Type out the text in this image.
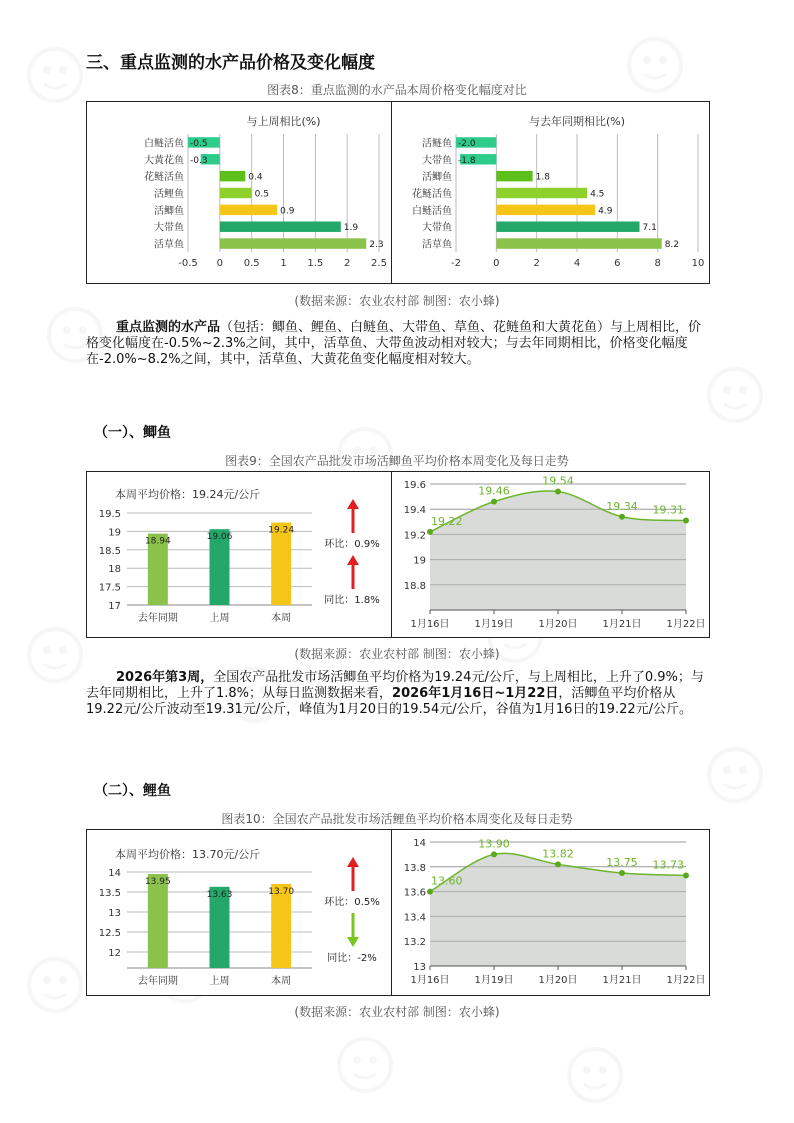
三、重点监测的水产品价格及变化幅度
图表8：重点监测的水产品本周价格变化幅度对比
与上周相比(%)
-0.5 0 0.5 1 1.5 2 2.5
白鲢活鱼 -0.5
大黄花鱼 -0.3
花鲢活鱼	0.4
活鲤鱼	0.5
活鲫鱼	0.9
大带鱼	1.9
活草鱼	2.3
与去年同期相比(%)
-2	0	2	4	6	8	10
活鲢鱼 -2.0
大带鱼 -1.8
活鲫鱼	1.8
花鲢活鱼	4.5
白鲢活鱼	4.9
大带鱼	7.1
活草鱼	8.2
(数据来源：农业农村部 制图：农小蜂)
重点监测的水产品（包括：鲫鱼、鲤鱼、白鲢鱼、大带鱼、草鱼、花鲢鱼和大黄花鱼）与上周相比，价格变化幅度在-0.5%~2.3%之间，其中，活草鱼、大带鱼波动相对较大；与去年同期相比，价格变化幅度在-2.0%~8.2%之间，其中，活草鱼、大黄花鱼变化幅度相对较大。
（一）、鲫鱼
图表9：全国农产品批发市场活鲫鱼平均价格本周变化及每日走势
本周平均价格：19.24元/公斤
17
17.5
18
18.5
19
19.5
18.94
去年同期
19.06
上周
19.24
本周
环比：0.9%
同比：1.8%
18.8
19
19.2
19.4
19.6
19.22
1月16日
19.46
1月19日
19.54
1月20日
19.34
1月21日
19.31
1月22日
(数据来源：农业农村部 制图：农小蜂)
2026年第3周，全国农产品批发市场活鲫鱼平均价格为19.24元/公斤，与上周相比，上升了0.9%；与去年同期相比，上升了1.8%；从每日监测数据来看，2026年1月16日~1月22日，活鲫鱼平均价格从19.22元/公斤波动至19.31元/公斤，峰值为1月20日的19.54元/公斤，谷值为1月16日的19.22元/公斤。
（二）、鲤鱼
图表10：全国农产品批发市场活鲤鱼平均价格本周变化及每日走势
本周平均价格：13.70元/公斤
12
12.5
13
13.5
14
13.95
去年同期
13.63
上周
13.70
本周
环比：0.5%
同比：-2%
13
13.2
13.4
13.6
13.8
14
13.60
1月16日
13.90
1月19日
13.82
1月20日
13.75
1月21日
13.73
1月22日
(数据来源：农业农村部 制图：农小蜂)
